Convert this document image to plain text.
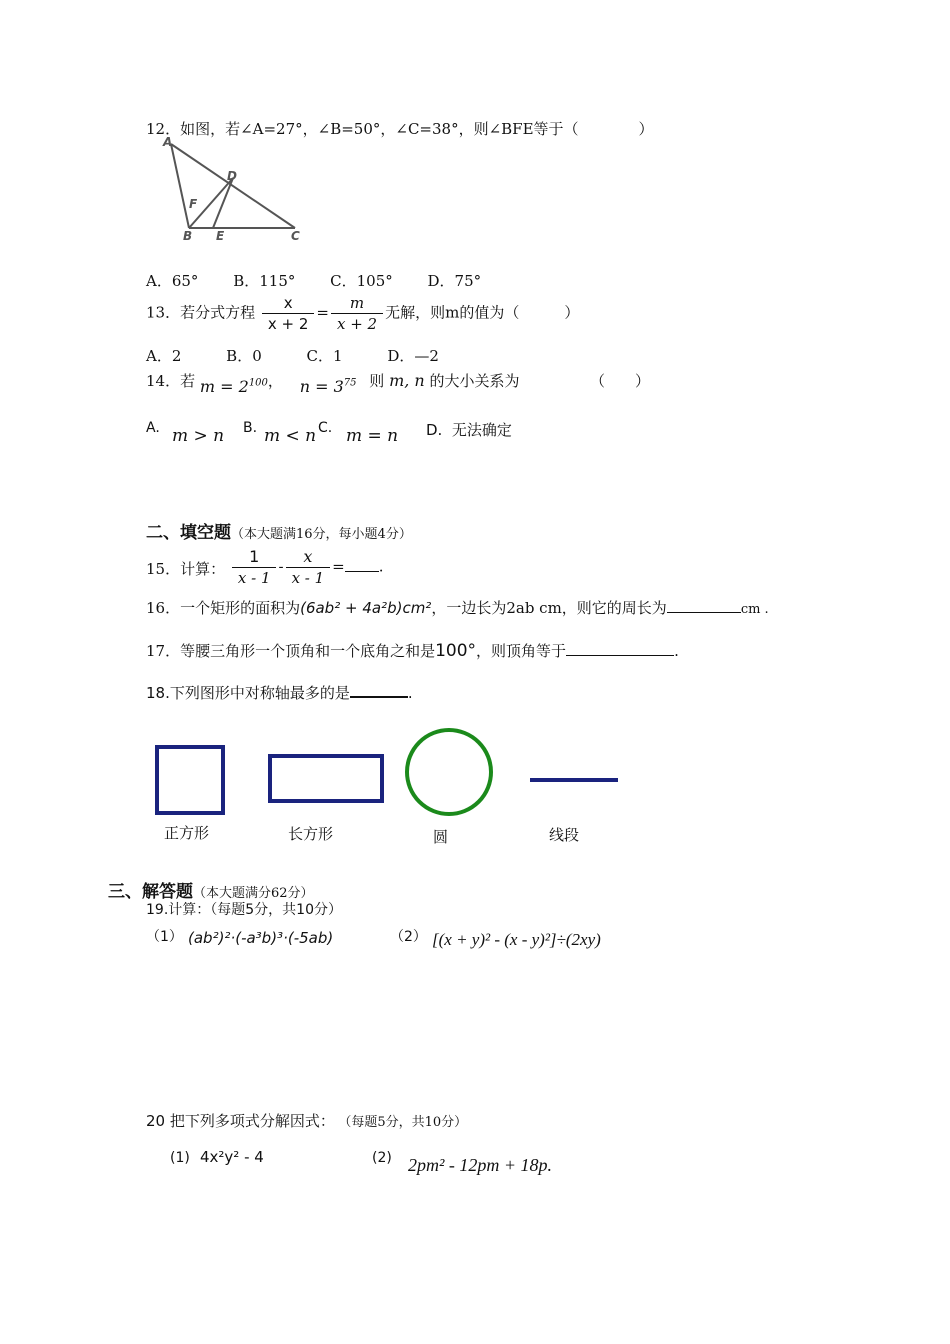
12．如图，若∠A=27°，∠B=50°，∠C=38°，则∠BFE等于（　　　　）
A
D
F
B E	C
A．65° B．115° C．105° D．75°
13．若分式方程 $\frac{x}{x + 2} = \frac{m}{x + 2}$ 无解，则m的值为（　　　）
A．2	B．0	C．1	D．—2
14．若 $m = 2^{100}$， $n = 3^{75}$ 则 m, n 的大小关系为	（　　）
A. m > n B. m < n C. m = n D. 无法确定
二、填空题（本大题满16分，每小题4分）
15．计算： $\frac{1}{x - 1} - \frac{x}{x - 1}$ = .
16．一个矩形的面积为(6ab² + 4a²b)cm²，一边长为2ab cm，则它的周长为	cm .
17．等腰三角形一个顶角和一个底角之和是100°，则顶角等于	.
18.下列图形中对称轴最多的是	.
正方形	长方形	圆	线段
三、解答题（本大题满分62分）
19.计算：（每题5分，共10分）
（1） (ab²)²·(-a³b)³·(-5ab)	（2） [(x + y)² - (x - y)²]÷(2xy)
20 把下列多项式分解因式： （每题5分，共10分）
(1) 4x²y² - 4	(2) 2pm² - 12pm + 18p.
